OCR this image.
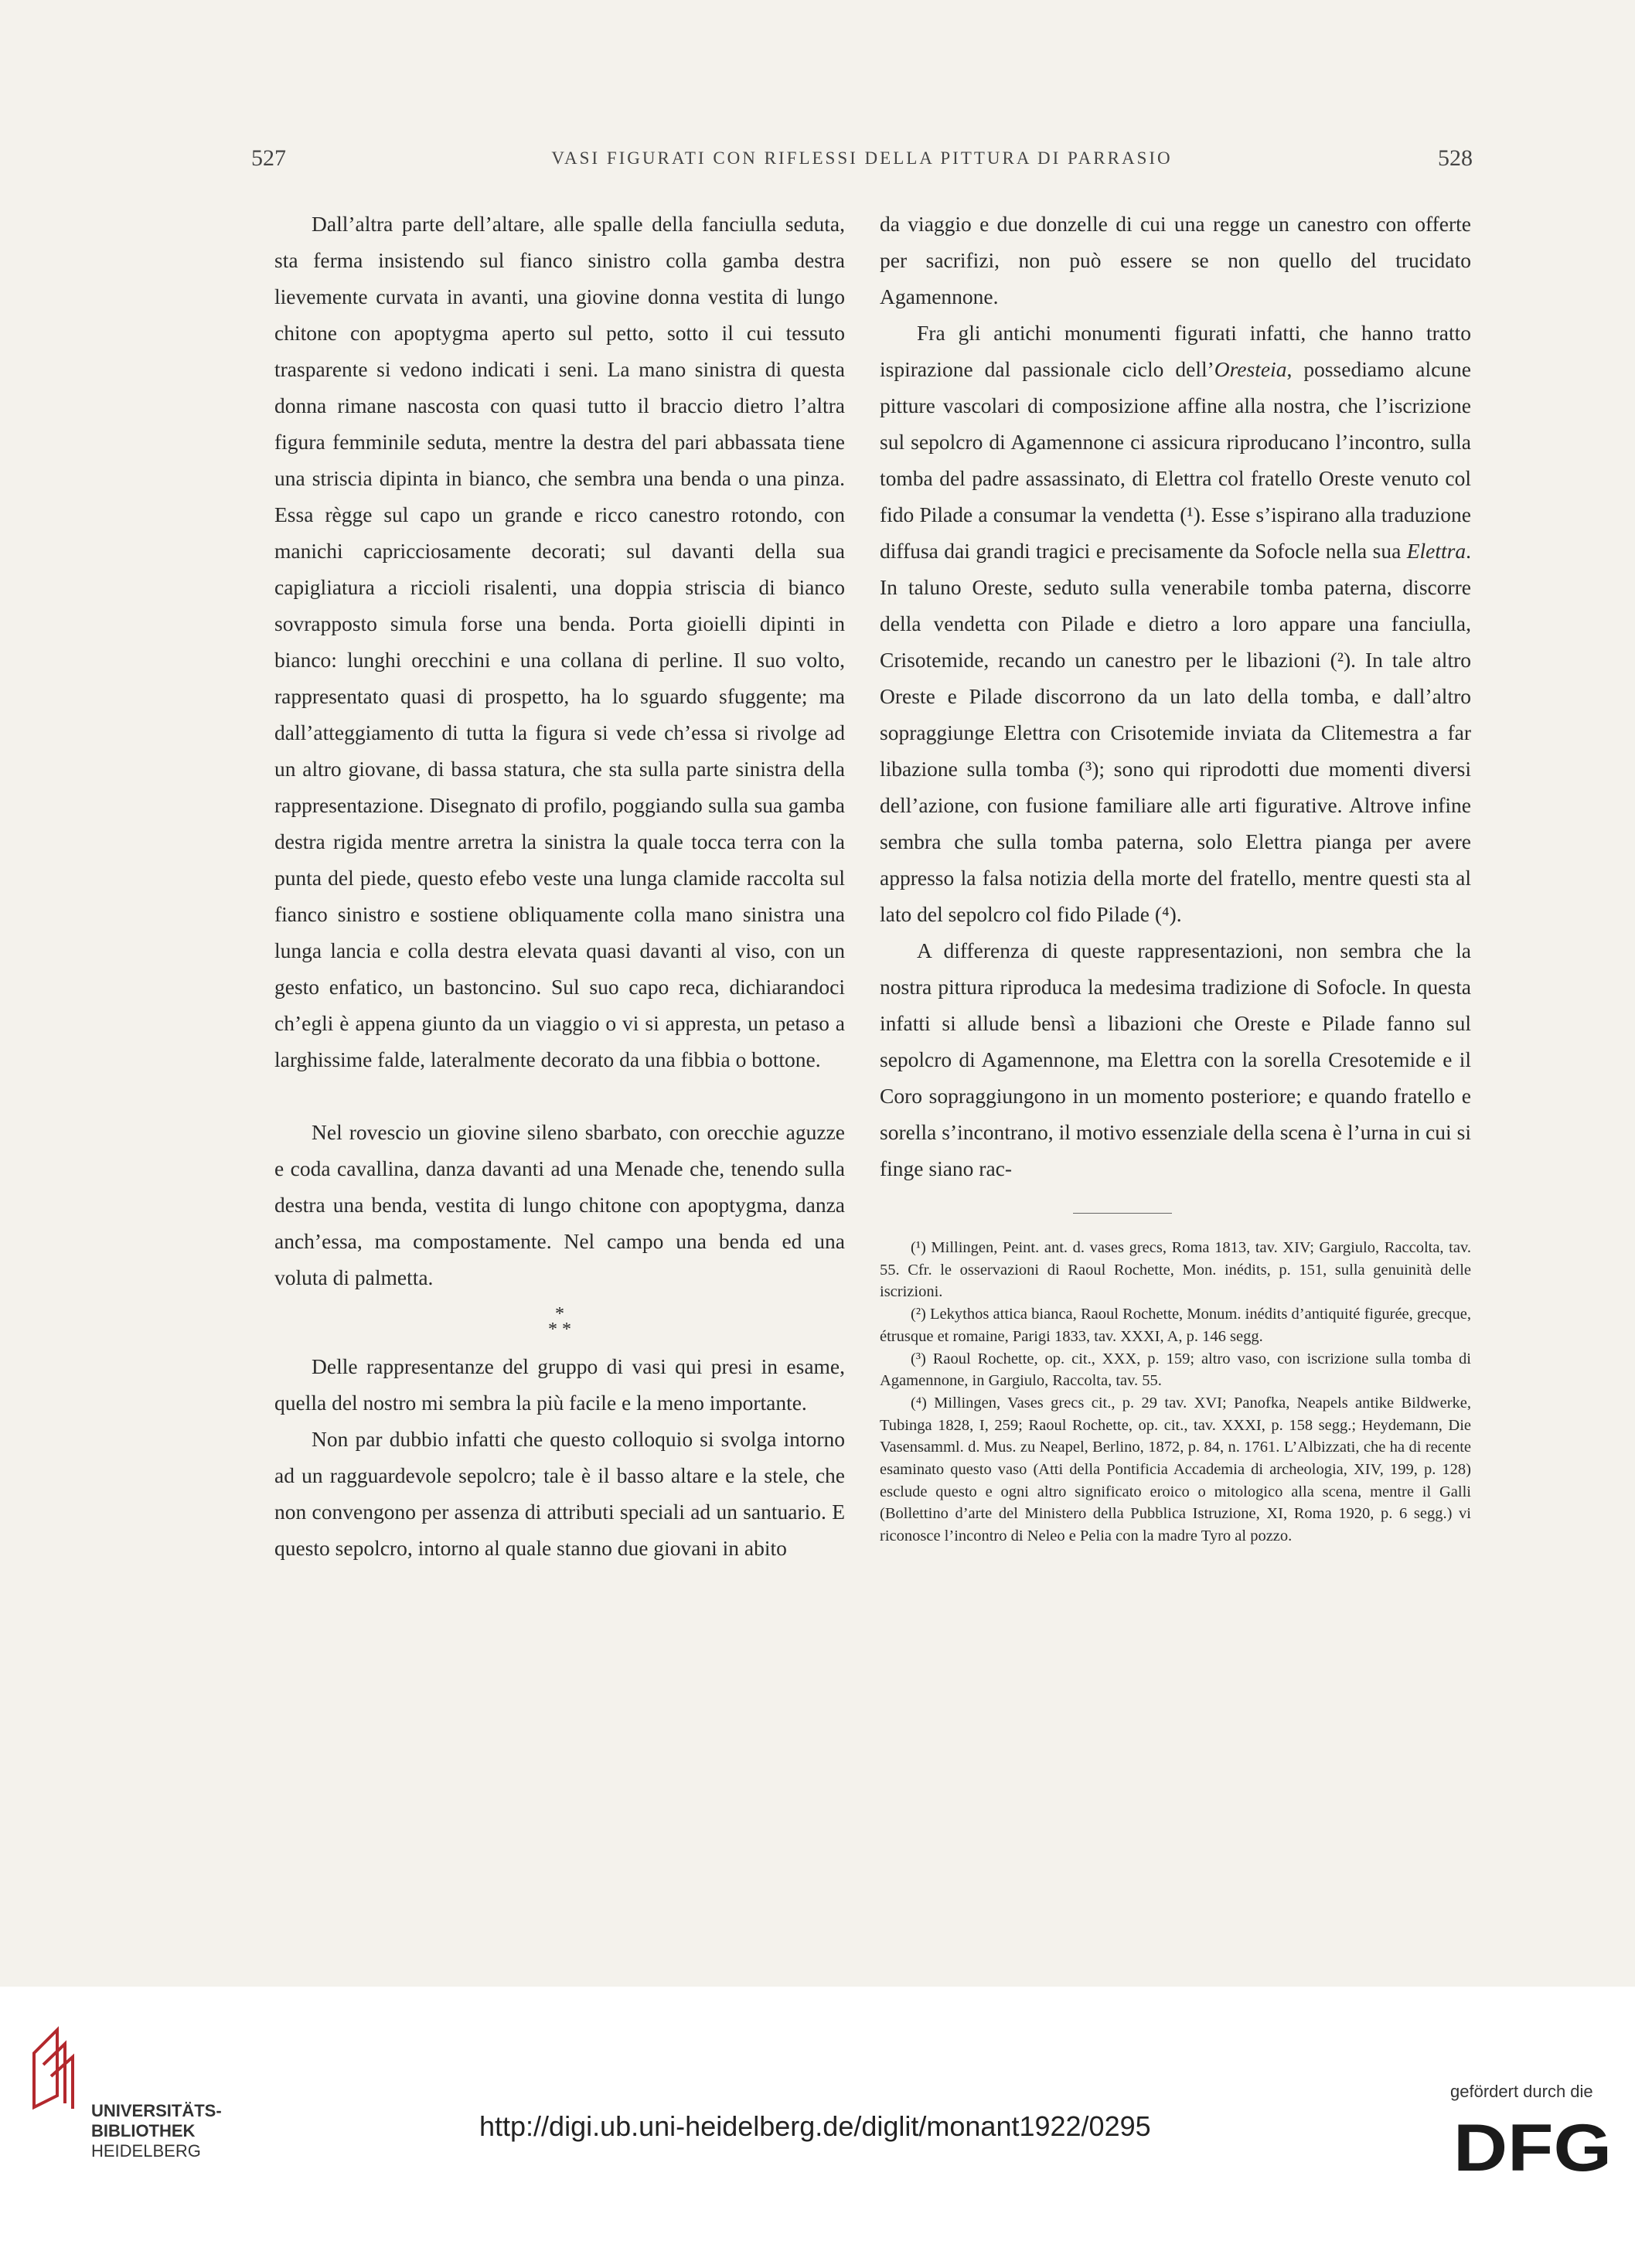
527	VASI FIGURATI CON RIFLESSI DELLA PITTURA DI PARRASIO	528

Dall’altra parte dell’altare, alle spalle della fanciulla seduta, sta ferma insistendo sul fianco sinistro colla gamba destra lievemente curvata in avanti, una giovine donna vestita di lungo chitone con apoptygma aperto sul petto, sotto il cui tessuto trasparente si vedono indicati i seni. La mano sinistra di questa donna rimane nascosta con quasi tutto il braccio dietro l’altra figura femminile seduta, mentre la destra del pari abbassata tiene una striscia dipinta in bianco, che sembra una benda o una pinza. Essa règge sul capo un grande e ricco canestro rotondo, con manichi capricciosamente decorati; sul davanti della sua capigliatura a riccioli risalenti, una doppia striscia di bianco sovrapposto simula forse una benda. Porta gioielli dipinti in bianco: lunghi orecchini e una collana di perline. Il suo volto, rappresentato quasi di prospetto, ha lo sguardo sfuggente; ma dall’atteggiamento di tutta la figura si vede ch’essa si rivolge ad un altro giovane, di bassa statura, che sta sulla parte sinistra della rappresentazione. Disegnato di profilo, poggiando sulla sua gamba destra rigida mentre arretra la sinistra la quale tocca terra con la punta del piede, questo efebo veste una lunga clamide raccolta sul fianco sinistro e sostiene obliquamente colla mano sinistra una lunga lancia e colla destra elevata quasi davanti al viso, con un gesto enfatico, un bastoncino. Sul suo capo reca, dichiarandoci ch’egli è appena giunto da un viaggio o vi si appresta, un petaso a larghissime falde, lateralmente decorato da una fibbia o bottone.

Nel rovescio un giovine sileno sbarbato, con orecchie aguzze e coda cavallina, danza davanti ad una Menade che, tenendo sulla destra una benda, vestita di lungo chitone con apoptygma, danza anch’essa, ma compostamente. Nel campo una benda ed una voluta di palmetta.

*
* *

Delle rappresentanze del gruppo di vasi qui presi in esame, quella del nostro mi sembra la più facile e la meno importante.

Non par dubbio infatti che questo colloquio si svolga intorno ad un ragguardevole sepolcro; tale è il basso altare e la stele, che non convengono per assenza di attributi speciali ad un santuario. E questo sepolcro, intorno al quale stanno due giovani in abito

da viaggio e due donzelle di cui una regge un canestro con offerte per sacrifizi, non può essere se non quello del trucidato Agamennone.

Fra gli antichi monumenti figurati infatti, che hanno tratto ispirazione dal passionale ciclo dell’Oresteia, possediamo alcune pitture vascolari di composizione affine alla nostra, che l’iscrizione sul sepolcro di Agamennone ci assicura riproducano l’incontro, sulla tomba del padre assassinato, di Elettra col fratello Oreste venuto col fido Pilade a consumar la vendetta (¹). Esse s’ispirano alla traduzione diffusa dai grandi tragici e precisamente da Sofocle nella sua Elettra. In taluno Oreste, seduto sulla venerabile tomba paterna, discorre della vendetta con Pilade e dietro a loro appare una fanciulla, Crisotemide, recando un canestro per le libazioni (²). In tale altro Oreste e Pilade discorrono da un lato della tomba, e dall’altro sopraggiunge Elettra con Crisotemide inviata da Clitemestra a far libazione sulla tomba (³); sono qui riprodotti due momenti diversi dell’azione, con fusione familiare alle arti figurative. Altrove infine sembra che sulla tomba paterna, solo Elettra pianga per avere appresso la falsa notizia della morte del fratello, mentre questi sta al lato del sepolcro col fido Pilade (⁴).

A differenza di queste rappresentazioni, non sembra che la nostra pittura riproduca la medesima tradizione di Sofocle. In questa infatti si allude bensì a libazioni che Oreste e Pilade fanno sul sepolcro di Agamennone, ma Elettra con la sorella Cresotemide e il Coro sopraggiungono in un momento posteriore; e quando fratello e sorella s’incontrano, il motivo essenziale della scena è l’urna in cui si finge siano rac-

(¹) Millingen, Peint. ant. d. vases grecs, Roma 1813, tav. XIV; Gargiulo, Raccolta, tav. 55. Cfr. le osservazioni di Raoul Rochette, Mon. inédits, p. 151, sulla genuinità delle iscrizioni.

(²) Lekythos attica bianca, Raoul Rochette, Monum. inédits d’antiquité figurée, grecque, étrusque et romaine, Parigi 1833, tav. XXXI, A, p. 146 segg.

(³) Raoul Rochette, op. cit., XXX, p. 159; altro vaso, con iscrizione sulla tomba di Agamennone, in Gargiulo, Raccolta, tav. 55.

(⁴) Millingen, Vases grecs cit., p. 29 tav. XVI; Panofka, Neapels antike Bildwerke, Tubinga 1828, I, 259; Raoul Rochette, op. cit., tav. XXXI, p. 158 segg.; Heydemann, Die Vasensamml. d. Mus. zu Neapel, Berlino, 1872, p. 84, n. 1761. L’Albizzati, che ha di recente esaminato questo vaso (Atti della Pontificia Accademia di archeologia, XIV, 199, p. 128) esclude questo e ogni altro significato eroico o mitologico alla scena, mentre il Galli (Bollettino d’arte del Ministero della Pubblica Istruzione, XI, Roma 1920, p. 6 segg.) vi riconosce l’incontro di Neleo e Pelia con la madre Tyro al pozzo.

UNIVERSITÄTS-
BIBLIOTHEK
HEIDELBERG
http://digi.ub.uni-heidelberg.de/diglit/monant1922/0295
gefördert durch die
DFG
